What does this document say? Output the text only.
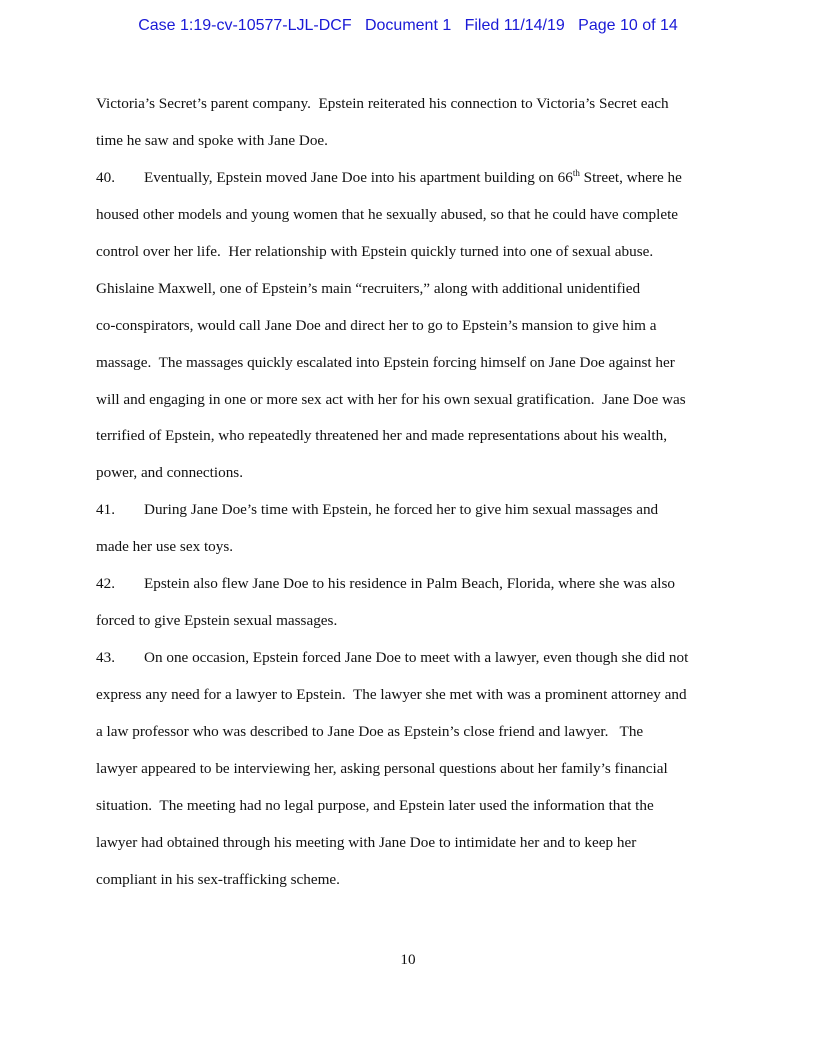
Case 1:19-cv-10577-LJL-DCF Document 1 Filed 11/14/19 Page 10 of 14
Victoria’s Secret’s parent company.  Epstein reiterated his connection to Victoria’s Secret each
time he saw and spoke with Jane Doe.
40. Eventually, Epstein moved Jane Doe into his apartment building on 66th Street, where he
housed other models and young women that he sexually abused, so that he could have complete
control over her life.  Her relationship with Epstein quickly turned into one of sexual abuse.
Ghislaine Maxwell, one of Epstein’s main “recruiters,” along with additional unidentified
co-conspirators, would call Jane Doe and direct her to go to Epstein’s mansion to give him a
massage.  The massages quickly escalated into Epstein forcing himself on Jane Doe against her
will and engaging in one or more sex act with her for his own sexual gratification.  Jane Doe was
terrified of Epstein, who repeatedly threatened her and made representations about his wealth,
power, and connections.
41. During Jane Doe’s time with Epstein, he forced her to give him sexual massages and
made her use sex toys.
42. Epstein also flew Jane Doe to his residence in Palm Beach, Florida, where she was also
forced to give Epstein sexual massages.
43. On one occasion, Epstein forced Jane Doe to meet with a lawyer, even though she did not
express any need for a lawyer to Epstein.  The lawyer she met with was a prominent attorney and
a law professor who was described to Jane Doe as Epstein’s close friend and lawyer.   The
lawyer appeared to be interviewing her, asking personal questions about her family’s financial
situation.  The meeting had no legal purpose, and Epstein later used the information that the
lawyer had obtained through his meeting with Jane Doe to intimidate her and to keep her
compliant in his sex-trafficking scheme.
10
